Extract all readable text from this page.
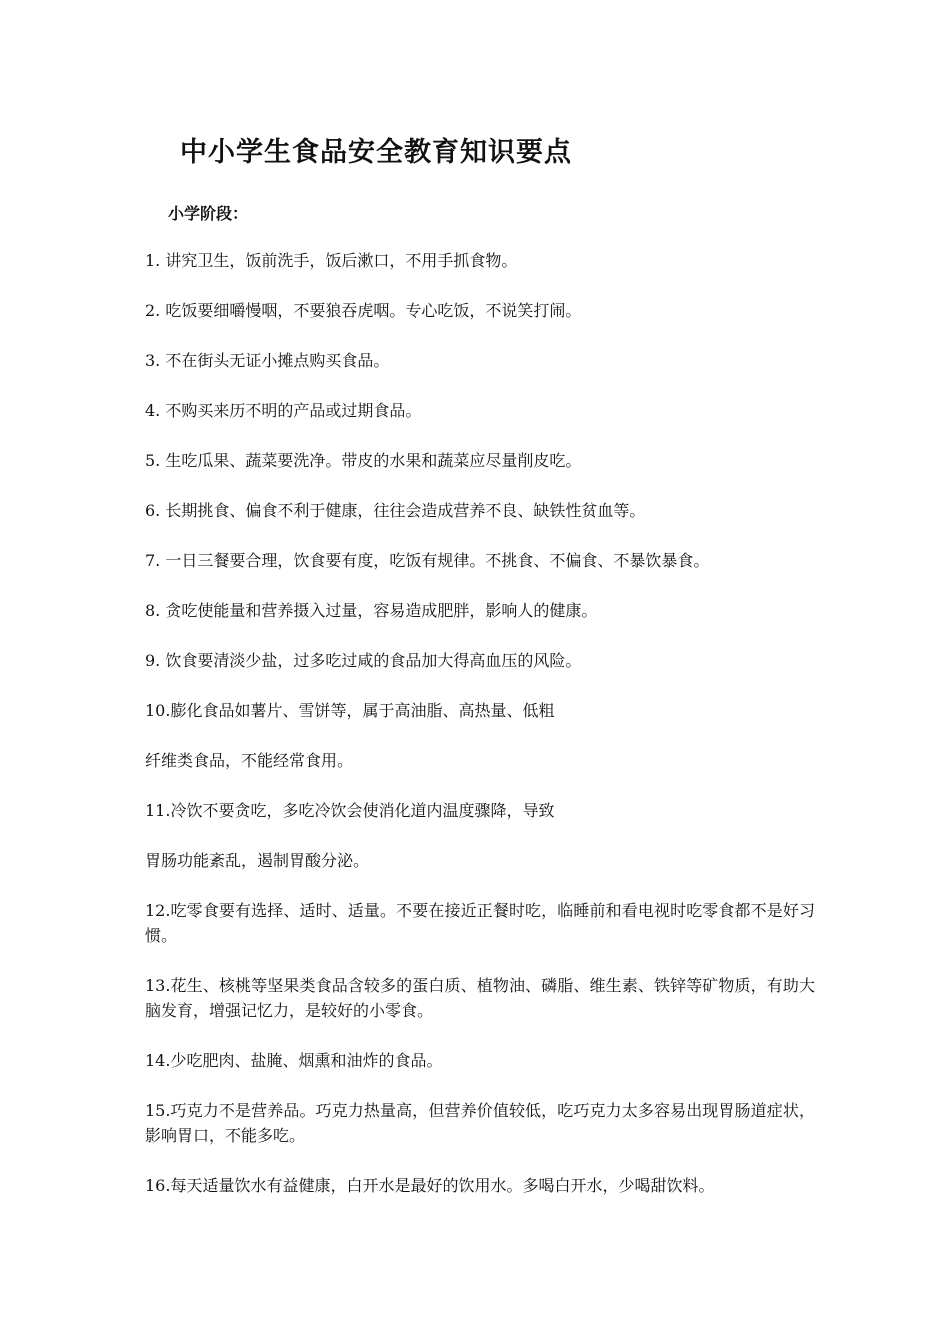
中小学生食品安全教育知识要点
小学阶段：
1. 讲究卫生，饭前洗手，饭后漱口，不用手抓食物。
2. 吃饭要细嚼慢咽，不要狼吞虎咽。专心吃饭，不说笑打闹。
3. 不在街头无证小摊点购买食品。
4. 不购买来历不明的产品或过期食品。
5. 生吃瓜果、蔬菜要洗净。带皮的水果和蔬菜应尽量削皮吃。
6. 长期挑食、偏食不利于健康，往往会造成营养不良、缺铁性贫血等。
7. 一日三餐要合理，饮食要有度，吃饭有规律。不挑食、不偏食、不暴饮暴食。
8. 贪吃使能量和营养摄入过量，容易造成肥胖，影响人的健康。
9. 饮食要清淡少盐，过多吃过咸的食品加大得高血压的风险。
10.膨化食品如薯片、雪饼等，属于高油脂、高热量、低粗
纤维类食品，不能经常食用。
11.冷饮不要贪吃，多吃冷饮会使消化道内温度骤降，导致
胃肠功能紊乱，遏制胃酸分泌。
12.吃零食要有选择、适时、适量。不要在接近正餐时吃，临睡前和看电视时吃零食都不是好习惯。
13.花生、核桃等坚果类食品含较多的蛋白质、植物油、磷脂、维生素、铁锌等矿物质，有助大脑发育，增强记忆力，是较好的小零食。
14.少吃肥肉、盐腌、烟熏和油炸的食品。
15.巧克力不是营养品。巧克力热量高，但营养价值较低，吃巧克力太多容易出现胃肠道症状，影响胃口，不能多吃。
16.每天适量饮水有益健康，白开水是最好的饮用水。多喝白开水，少喝甜饮料。
